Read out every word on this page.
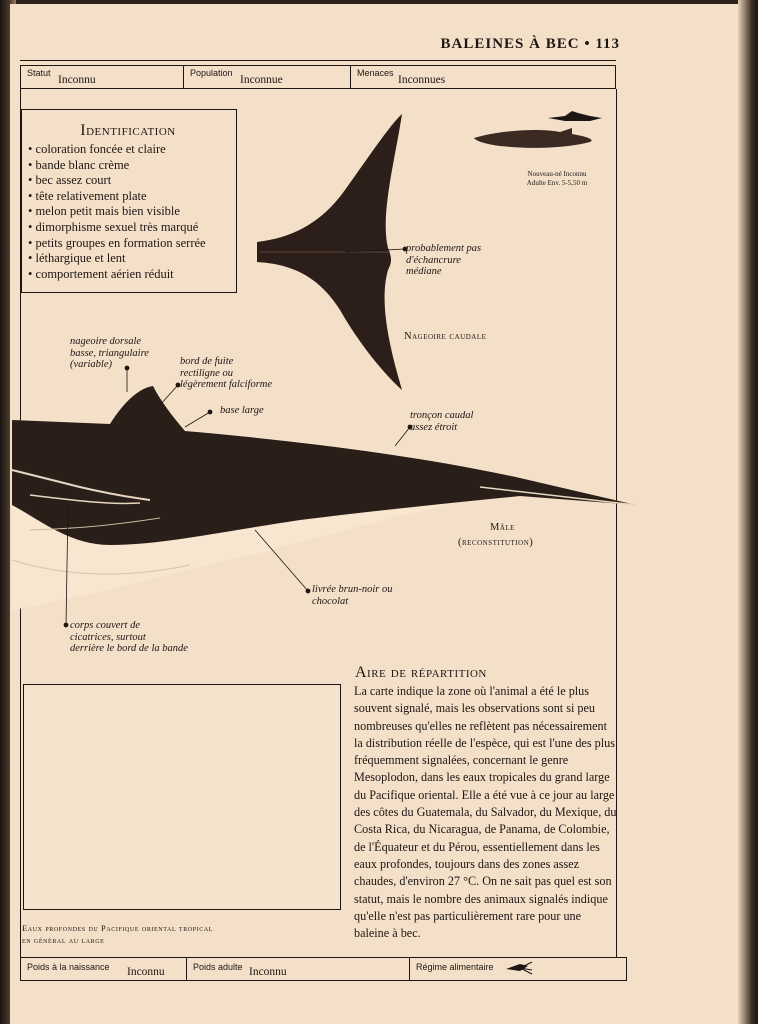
BALEINES À BEC • 113
Statut
Inconnu
Population
Inconnue
Menaces
Inconnues
Identification
• coloration foncée et claire
• bande blanc crème
• bec assez court
• tête relativement plate
• melon petit mais bien visible
• dimorphisme sexuel très marqué
• petits groupes en formation serrée
• léthargique et lent
• comportement aérien réduit
Nouveau-né Inconnu
Adulte Env. 5-5,50 m
probablement pas
d'échancrure
médiane
Nageoire caudale
nageoire dorsale
basse, triangulaire
(variable)	bord de fuite
rectiligne ou
légèrement falciforme
base large	tronçon caudal
assez étroit
Mâle
(reconstitution)
livrée brun-noir ou
chocolat
corps couvert de
cicatrices, surtout
derrière le bord de la bande
Aire de répartition
La carte indique la zone où l'animal a été le plus souvent signalé, mais les observations sont si peu nombreuses qu'elles ne reflètent pas nécessairement la distribution réelle de l'espèce, qui est l'une des plus fréquemment signalées, concernant le genre Mesoplodon, dans les eaux tropicales du grand large du Pacifique oriental. Elle a été vue à ce jour au large des côtes du Guatemala, du Salvador, du Mexique, du Costa Rica, du Nicaragua, de Panama, de Colombie, de l'Équateur et du Pérou, essentiellement dans les eaux profondes, toujours dans des zones assez chaudes, d'environ 27 °C. On ne sait pas quel est son statut, mais le nombre des animaux signalés indique qu'elle n'est pas particulièrement rare pour une baleine à bec.
Eaux profondes du Pacifique oriental tropical
en général au large
Poids à la naissance Inconnu	Poids adulte Inconnu	Régime alimentaire
